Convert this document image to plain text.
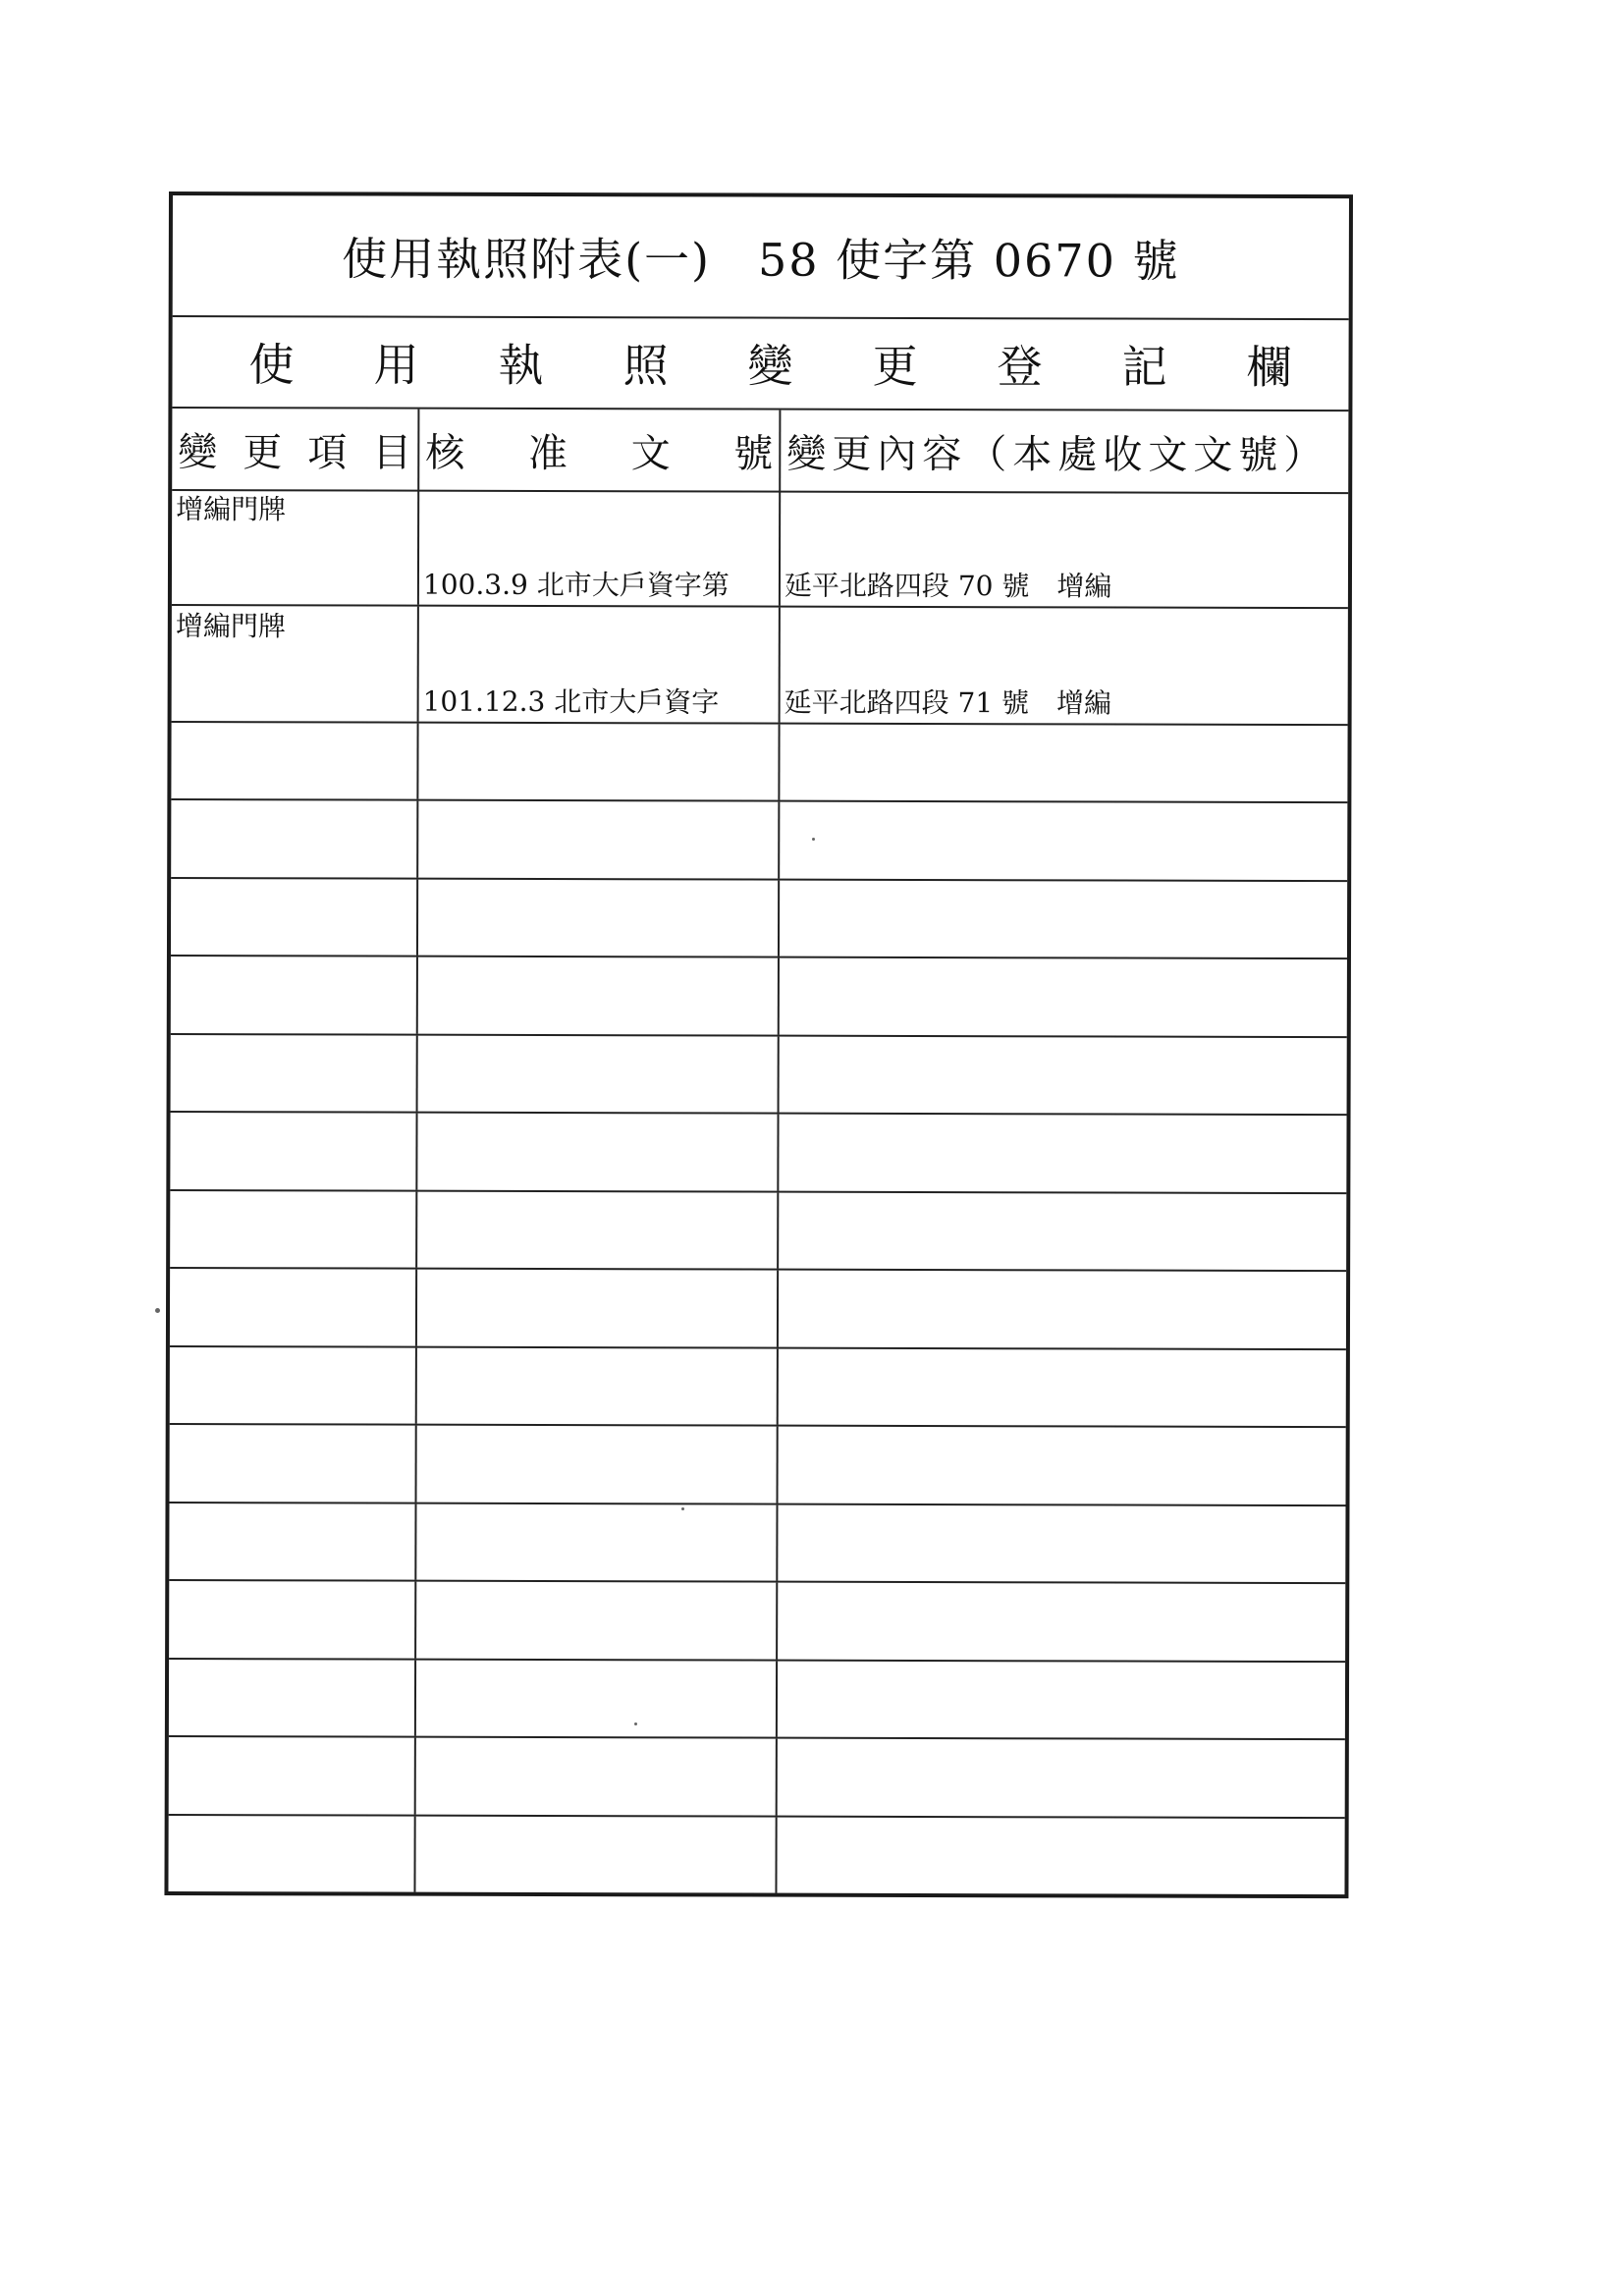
使用執照附表(一) 58 使字第 0670 號
使 用 執 照 變 更 登 記 欄
變 更 項 目 核 准 文 號 變更內容（本處收文文號）
增編門牌

100.3.9 北市大戶資字第

	延平北路四段 70 號　增編

增編門牌

101.12.3 北市大戶資字

	延平北路四段 71 號　增編
